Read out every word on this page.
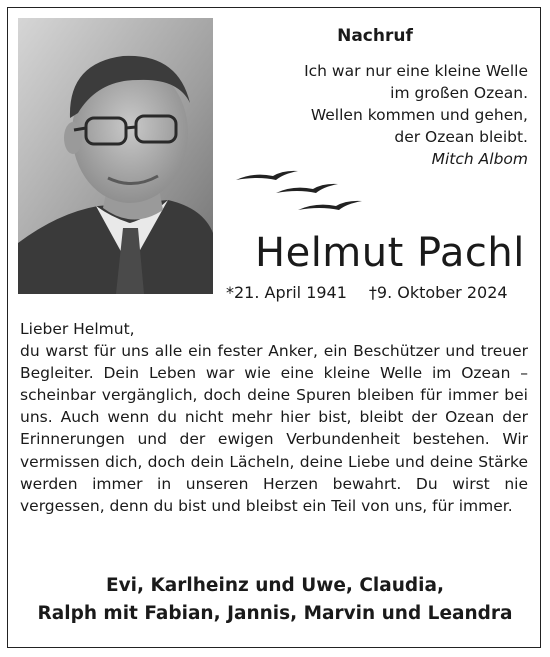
Nachruf
Ich war nur eine kleine Welle
im großen Ozean.
Wellen kommen und gehen,
der Ozean bleibt.
Mitch Albom
Helmut Pachl
*21. April 1941 †9. Oktober 2024
Lieber Helmut,
du warst für uns alle ein fester Anker, ein Beschützer und treuer Begleiter. Dein Leben war wie eine kleine Welle im Ozean – scheinbar vergänglich, doch deine Spuren bleiben für immer bei uns. Auch wenn du nicht mehr hier bist, bleibt der Ozean der Erinnerungen und der ewigen Verbundenheit bestehen. Wir vermissen dich, doch dein Lächeln, deine Liebe und deine Stärke werden immer in unseren Herzen bewahrt. Du wirst nie vergessen, denn du bist und bleibst ein Teil von uns, für immer.
Evi, Karlheinz und Uwe, Claudia,
Ralph mit Fabian, Jannis, Marvin und Leandra
